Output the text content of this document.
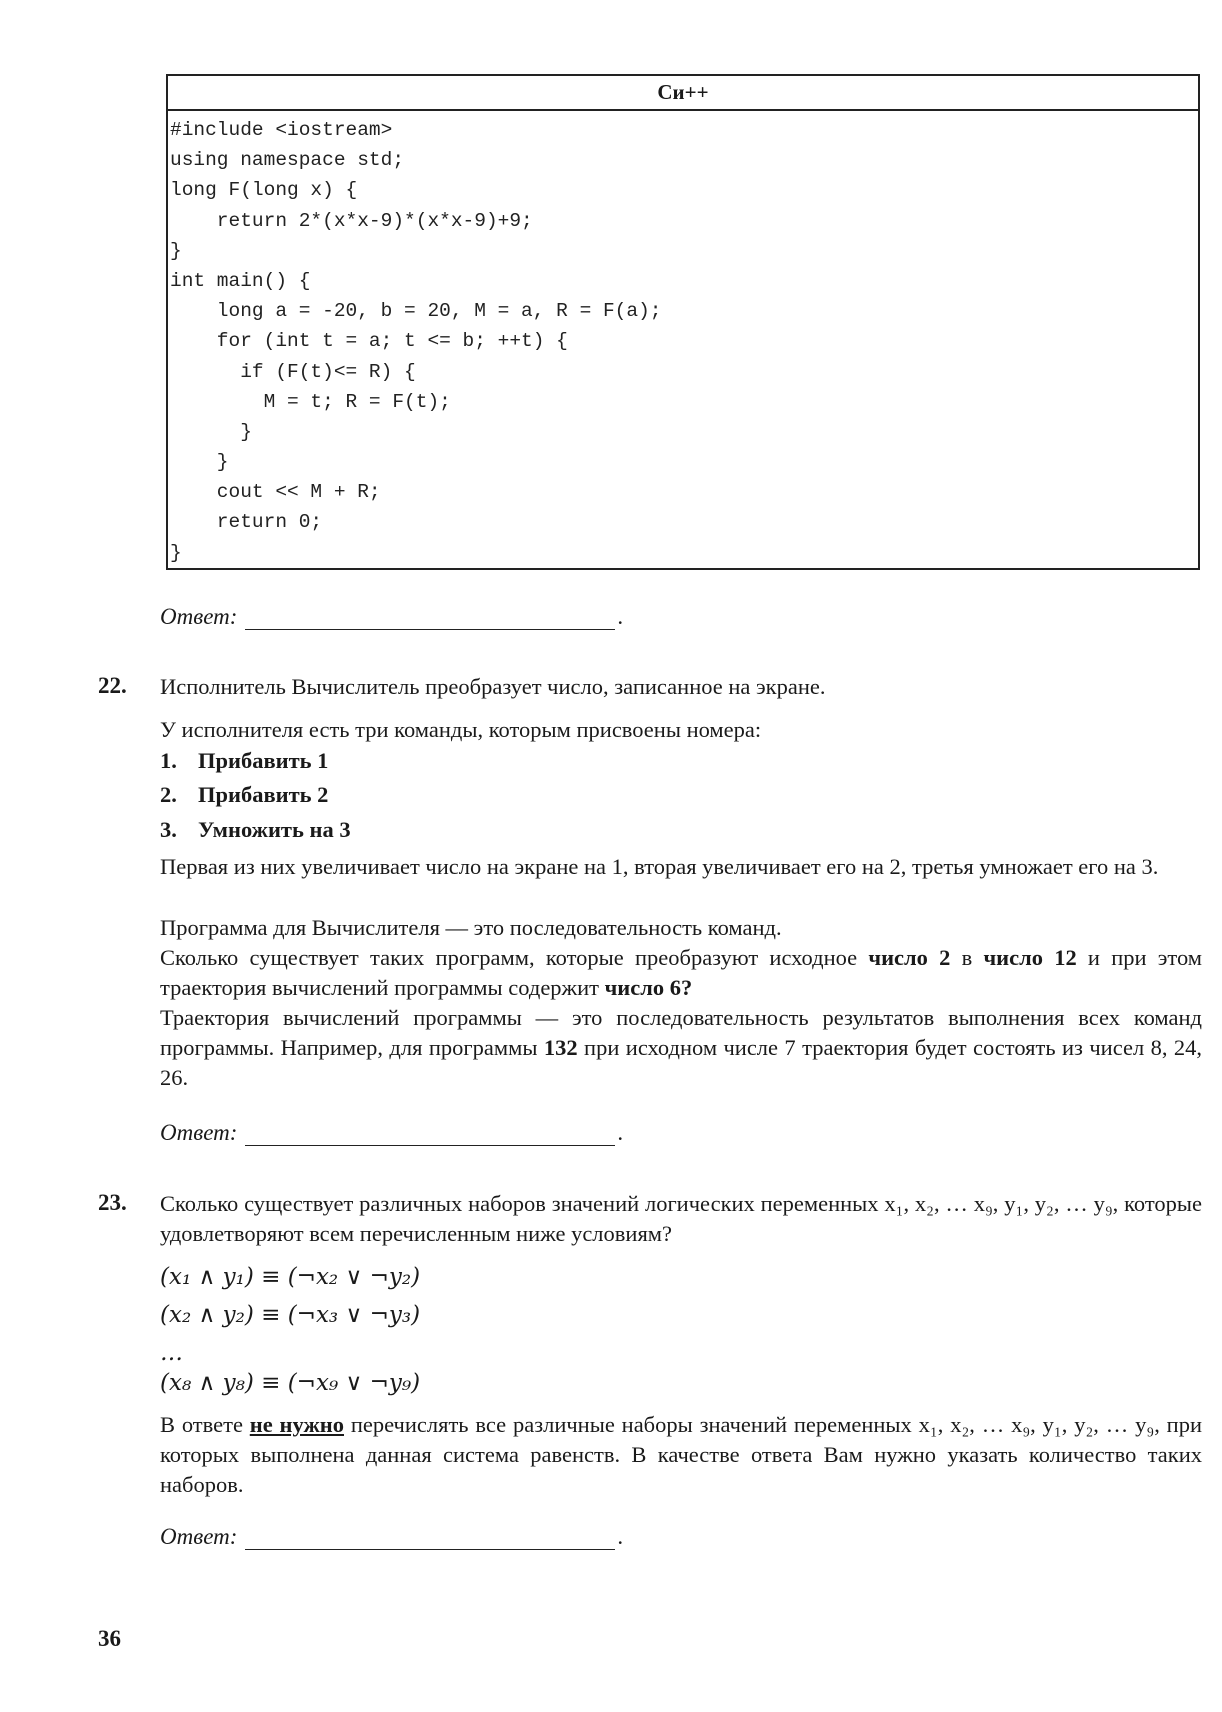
Си++
#include <iostream>
using namespace std;
long F(long x) {
return 2*(x*x-9)*(x*x-9)+9;
}
int main() {
long a = -20, b = 20, M = a, R = F(a);
for (int t = a; t <= b; ++t) {
if (F(t)<= R) {
M = t; R = F(t);
}
}
cout << M + R;
return 0;
}
Ответ:	.
22. Исполнитель Вычислитель преобразует число, записанное на экране.
У исполнителя есть три команды, которым присвоены номера:
1. Прибавить 1
2. Прибавить 2
3. Умножить на 3
Первая из них увеличивает число на экране на 1, вторая увеличивает его на 2, третья умножает его на 3.
Программа для Вычислителя — это последовательность команд.
Сколько существует таких программ, которые преобразуют исходное число 2 в число 12 и при этом траектория вычислений программы содержит число 6?
Траектория вычислений программы — это последовательность результатов выполнения всех команд программы. Например, для программы 132 при исходном числе 7 траектория будет состоять из чисел 8, 24, 26.
Ответ:	.
23. Сколько существует различных наборов значений логических переменных x₁, x₂, … x₉, y₁, y₂, … y₉, которые удовлетворяют всем перечисленным ниже условиям?
(x₁ ∧ y₁) ≡ (¬x₂ ∨ ¬y₂)
(x₂ ∧ y₂) ≡ (¬x₃ ∨ ¬y₃)
…
(x₈ ∧ y₈) ≡ (¬x₉ ∨ ¬y₉)
В ответе не нужно перечислять все различные наборы значений переменных x₁, x₂, … x₉, y₁, y₂, … y₉, при которых выполнена данная система равенств. В качестве ответа Вам нужно указать количество таких наборов.
Ответ:	.
36
